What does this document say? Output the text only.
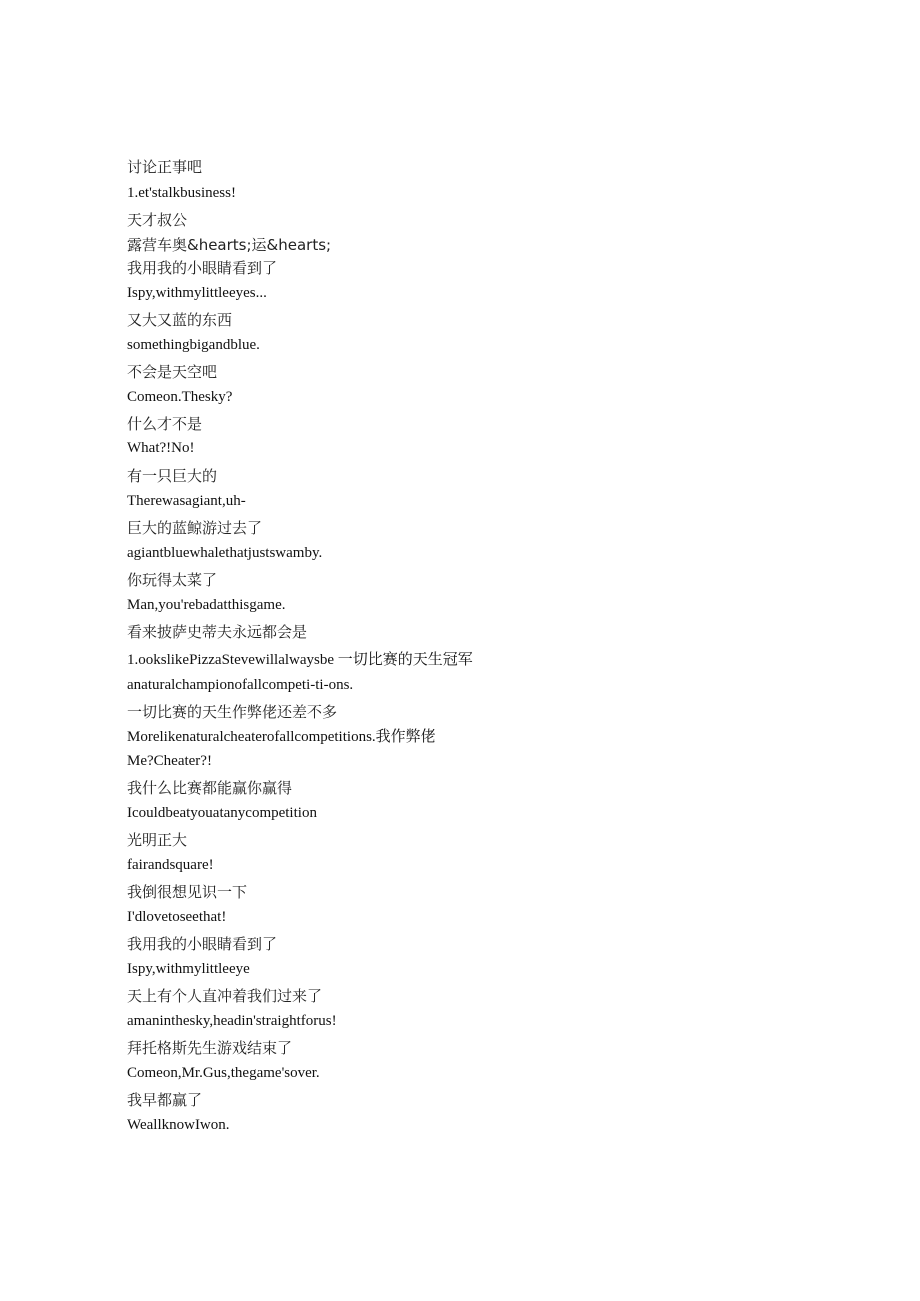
讨论正事吧

1.et'stalkbusiness!

天才叔公

露营车奥&hearts;运&hearts;

我用我的小眼睛看到了

Ispy,withmylittleeyes...

又大又蓝的东西

somethingbigandblue.

不会是天空吧

Comeon.Thesky?

什么才不是

What?!No!

有一只巨大的

Therewasagiant,uh-

巨大的蓝鲸游过去了

agiantbluewhalethatjustswamby.

你玩得太菜了

Man,you'rebadatthisgame.

看来披萨史蒂夫永远都会是

1.ookslikePizzaStevewillalwaysbe 一切比赛的天生冠军

anaturalchampionofallcompeti-ti-ons.

一切比赛的天生作弊佬还差不多

Morelikenaturalcheaterofallcompetitions.我作弊佬

Me?Cheater?!

我什么比赛都能赢你赢得

Icouldbeatyouatanycompetition

光明正大

fairandsquare!

我倒很想见识一下

I'dlovetoseethat!

我用我的小眼睛看到了

Ispy,withmylittleeye

天上有个人直冲着我们过来了

amaninthesky,headin'straightforus!

拜托格斯先生游戏结束了

Comeon,Mr.Gus,thegame'sover.

我早都赢了

WeallknowIwon.
